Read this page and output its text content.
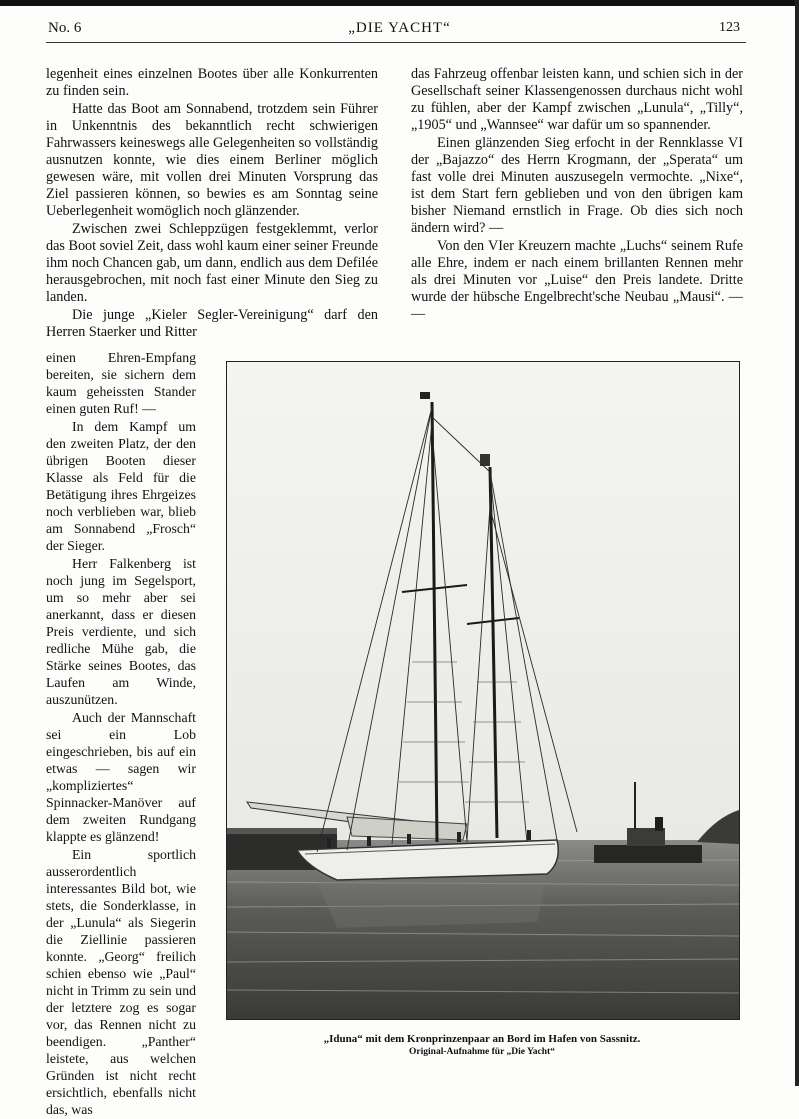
No. 6	„DIE YACHT“	123

legenheit eines einzelnen Bootes über alle Konkurrenten zu finden sein.

Hatte das Boot am Sonnabend, trotzdem sein Führer in Unkenntnis des bekanntlich recht schwierigen Fahrwassers keineswegs alle Gelegenheiten so vollständig ausnutzen konnte, wie dies einem Berliner möglich gewesen wäre, mit vollen drei Minuten Vorsprung das Ziel passieren können, so bewies es am Sonntag seine Ueberlegenheit womöglich noch glänzender.

Zwischen zwei Schleppzügen festgeklemmt, verlor das Boot soviel Zeit, dass wohl kaum einer seiner Freunde ihm noch Chancen gab, um dann, endlich aus dem Defilée herausgebrochen, mit noch fast einer Minute den Sieg zu landen.

Die junge „Kieler Segler-Vereinigung“ darf den Herren Staerker und Ritter

das Fahrzeug offenbar leisten kann, und schien sich in der Gesellschaft seiner Klassengenossen durchaus nicht wohl zu fühlen, aber der Kampf zwischen „Lunula“, „Tilly“, „1905“ und „Wannsee“ war dafür um so spannender.

Einen glänzenden Sieg erfocht in der Rennklasse VI der „Bajazzo“ des Herrn Krogmann, der „Sperata“ um fast volle drei Minuten auszusegeln vermochte. „Nixe“, ist dem Start fern geblieben und von den übrigen kam bisher Niemand ernstlich in Frage. Ob dies sich noch ändern wird? —

Von den VIer Kreuzern machte „Luchs“ seinem Rufe alle Ehre, indem er nach einem brillanten Rennen mehr als drei Minuten vor „Luise“ den Preis landete. Dritte wurde der hübsche Engelbrecht'sche Neubau „Mausi“. — —

einen Ehren-Empfang bereiten, sie sichern dem kaum geheissten Stander einen guten Ruf! —

In dem Kampf um den zweiten Platz, der den übrigen Booten dieser Klasse als Feld für die Betätigung ihres Ehrgeizes noch verblieben war, blieb am Sonnabend „Frosch“ der Sieger.

Herr Falkenberg ist noch jung im Segelsport, um so mehr aber sei anerkannt, dass er diesen Preis verdiente, und sich redliche Mühe gab, die Stärke seines Bootes, das Laufen am Winde, auszunützen.

Auch der Mannschaft sei ein Lob eingeschrieben, bis auf ein etwas — sagen wir „kompliziertes“ Spinnacker-Manöver auf dem zweiten Rundgang klappte es glänzend!

Ein sportlich ausserordentlich interessantes Bild bot, wie stets, die Sonderklasse, in der „Lunula“ als Siegerin die Ziellinie passieren konnte. „Georg“ freilich schien ebenso wie „Paul“ nicht in Trimm zu sein und der letztere zog es sogar vor, das Rennen nicht zu beendigen. „Panther“ leistete, aus welchen Gründen ist nicht recht ersichtlich, ebenfalls nicht das, was

„Iduna“ mit dem Kronprinzenpaar an Bord im Hafen von Sassnitz.
Original-Aufnahme für „Die Yacht“
